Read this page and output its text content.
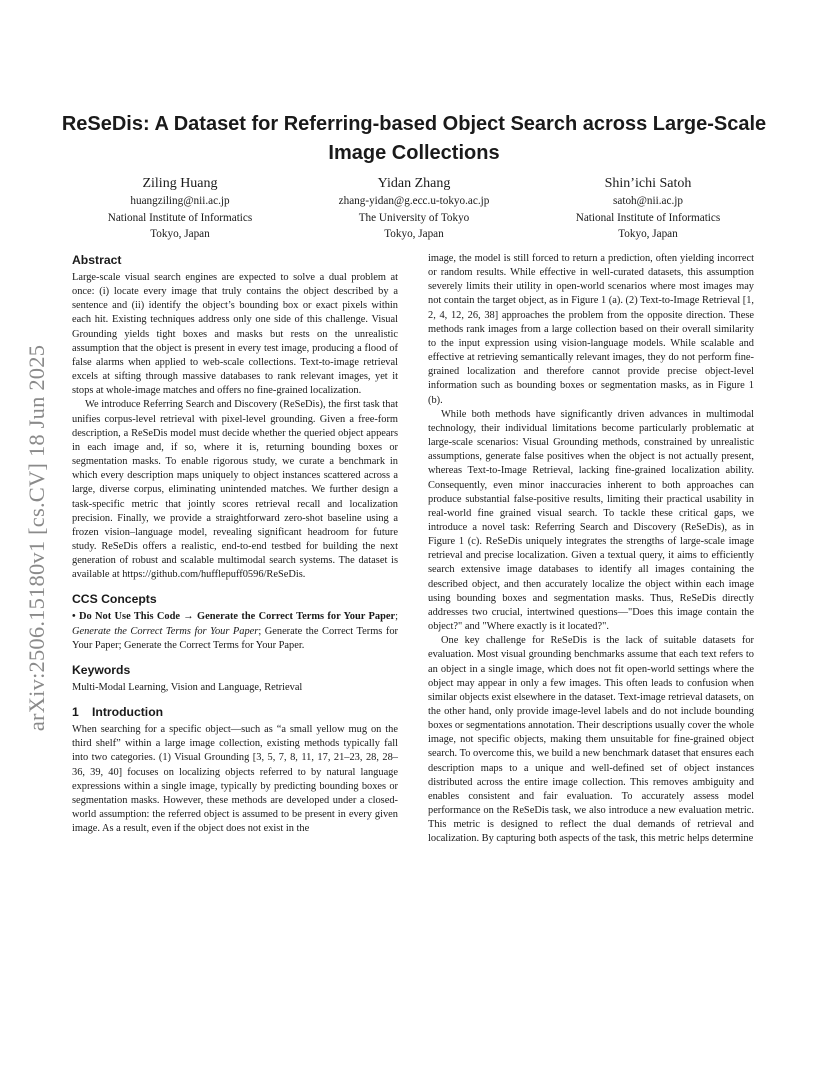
arXiv:2506.15180v1 [cs.CV] 18 Jun 2025
ReSeDis: A Dataset for Referring-based Object Search across Large-Scale Image Collections
Ziling Huang
huangziling@nii.ac.jp
National Institute of Informatics
Tokyo, Japan
Yidan Zhang
zhang-yidan@g.ecc.u-tokyo.ac.jp
The University of Tokyo
Tokyo, Japan
Shin’ichi Satoh
satoh@nii.ac.jp
National Institute of Informatics
Tokyo, Japan
Abstract

Large-scale visual search engines are expected to solve a dual problem at once: (i) locate every image that truly contains the object described by a sentence and (ii) identify the object’s bounding box or exact pixels within each hit. Existing techniques address only one side of this challenge. Visual Grounding yields tight boxes and masks but rests on the unrealistic assumption that the object is present in every test image, producing a flood of false alarms when applied to web-scale collections. Text-to-image retrieval excels at sifting through massive databases to rank relevant images, yet it stops at whole-image matches and offers no fine-grained localization.

We introduce Referring Search and Discovery (ReSeDis), the first task that unifies corpus-level retrieval with pixel-level grounding. Given a free-form description, a ReSeDis model must decide whether the queried object appears in each image and, if so, where it is, returning bounding boxes or segmentation masks. To enable rigorous study, we curate a benchmark in which every description maps uniquely to object instances scattered across a large, diverse corpus, eliminating unintended matches. We further design a task-specific metric that jointly scores retrieval recall and localization precision. Finally, we provide a straightforward zero-shot baseline using a frozen vision–language model, revealing significant headroom for future study. ReSeDis offers a realistic, end-to-end testbed for building the next generation of robust and scalable multimodal search systems. The dataset is available at https://github.com/hufflepuff0596/ReSeDis.

CCS Concepts

• Do Not Use This Code → Generate the Correct Terms for Your Paper; Generate the Correct Terms for Your Paper; Generate the Correct Terms for Your Paper; Generate the Correct Terms for Your Paper.

Keywords

Multi-Modal Learning, Vision and Language, Retrieval

1 Introduction

When searching for a specific object—such as “a small yellow mug on the third shelf” within a large image collection, existing methods typically fall into two categories. (1) Visual Grounding [3, 5, 7, 8, 11, 17, 21–23, 28, 28–36, 39, 40] focuses on localizing objects referred to by natural language expressions within a single image, typically by predicting bounding boxes or segmentation masks. However, these methods are developed under a closed-world assumption: the referred object is assumed to be present in every given image. As a result, even if the object does not exist in the

image, the model is still forced to return a prediction, often yielding incorrect or random results. While effective in well-curated datasets, this assumption severely limits their utility in open-world scenarios where most images may not contain the target object, as in Figure 1 (a). (2) Text-to-Image Retrieval [1, 2, 4, 12, 26, 38] approaches the problem from the opposite direction. These methods rank images from a large collection based on their overall similarity to the input expression using vision-language models. While scalable and effective at retrieving semantically relevant images, they do not perform fine-grained localization and therefore cannot provide precise object-level information such as bounding boxes or segmentation masks, as in Figure 1 (b).

While both methods have significantly driven advances in multimodal technology, their individual limitations become particularly problematic at large-scale scenarios: Visual Grounding methods, constrained by unrealistic assumptions, generate false positives when the object is not actually present, whereas Text-to-Image Retrieval, lacking fine-grained localization ability. Consequently, even minor inaccuracies inherent to both approaches can produce substantial false-positive results, limiting their practical usability in real-world fine grained visual search. To tackle these critical gaps, we introduce a novel task: Referring Search and Discovery (ReSeDis), as in Figure 1 (c). ReSeDis uniquely integrates the strengths of large-scale image retrieval and precise localization. Given a textual query, it aims to efficiently search extensive image databases to identify all images containing the described object, and then accurately localize the object within each image using bounding boxes and segmentation masks. Thus, ReSeDis directly addresses two crucial, intertwined questions—"Does this image contain the object?" and "Where exactly is it located?".

One key challenge for ReSeDis is the lack of suitable datasets for evaluation. Most visual grounding benchmarks assume that each text refers to an object in a single image, which does not fit open-world settings where the object may appear in only a few images. This often leads to confusion when similar objects exist elsewhere in the dataset. Text-image retrieval datasets, on the other hand, only provide image-level labels and do not include bounding boxes or segmentations annotation. Their descriptions usually cover the whole image, not specific objects, making them unsuitable for fine-grained object search. To overcome this, we build a new benchmark dataset that ensures each description maps to a unique and well-defined set of object instances distributed across the entire image collection. This removes ambiguity and enables consistent and fair evaluation. To accurately assess model performance on the ReSeDis task, we also introduce a new evaluation metric. This metric is designed to reflect the dual demands of retrieval and localization. By capturing both aspects of the task, this metric helps determine
